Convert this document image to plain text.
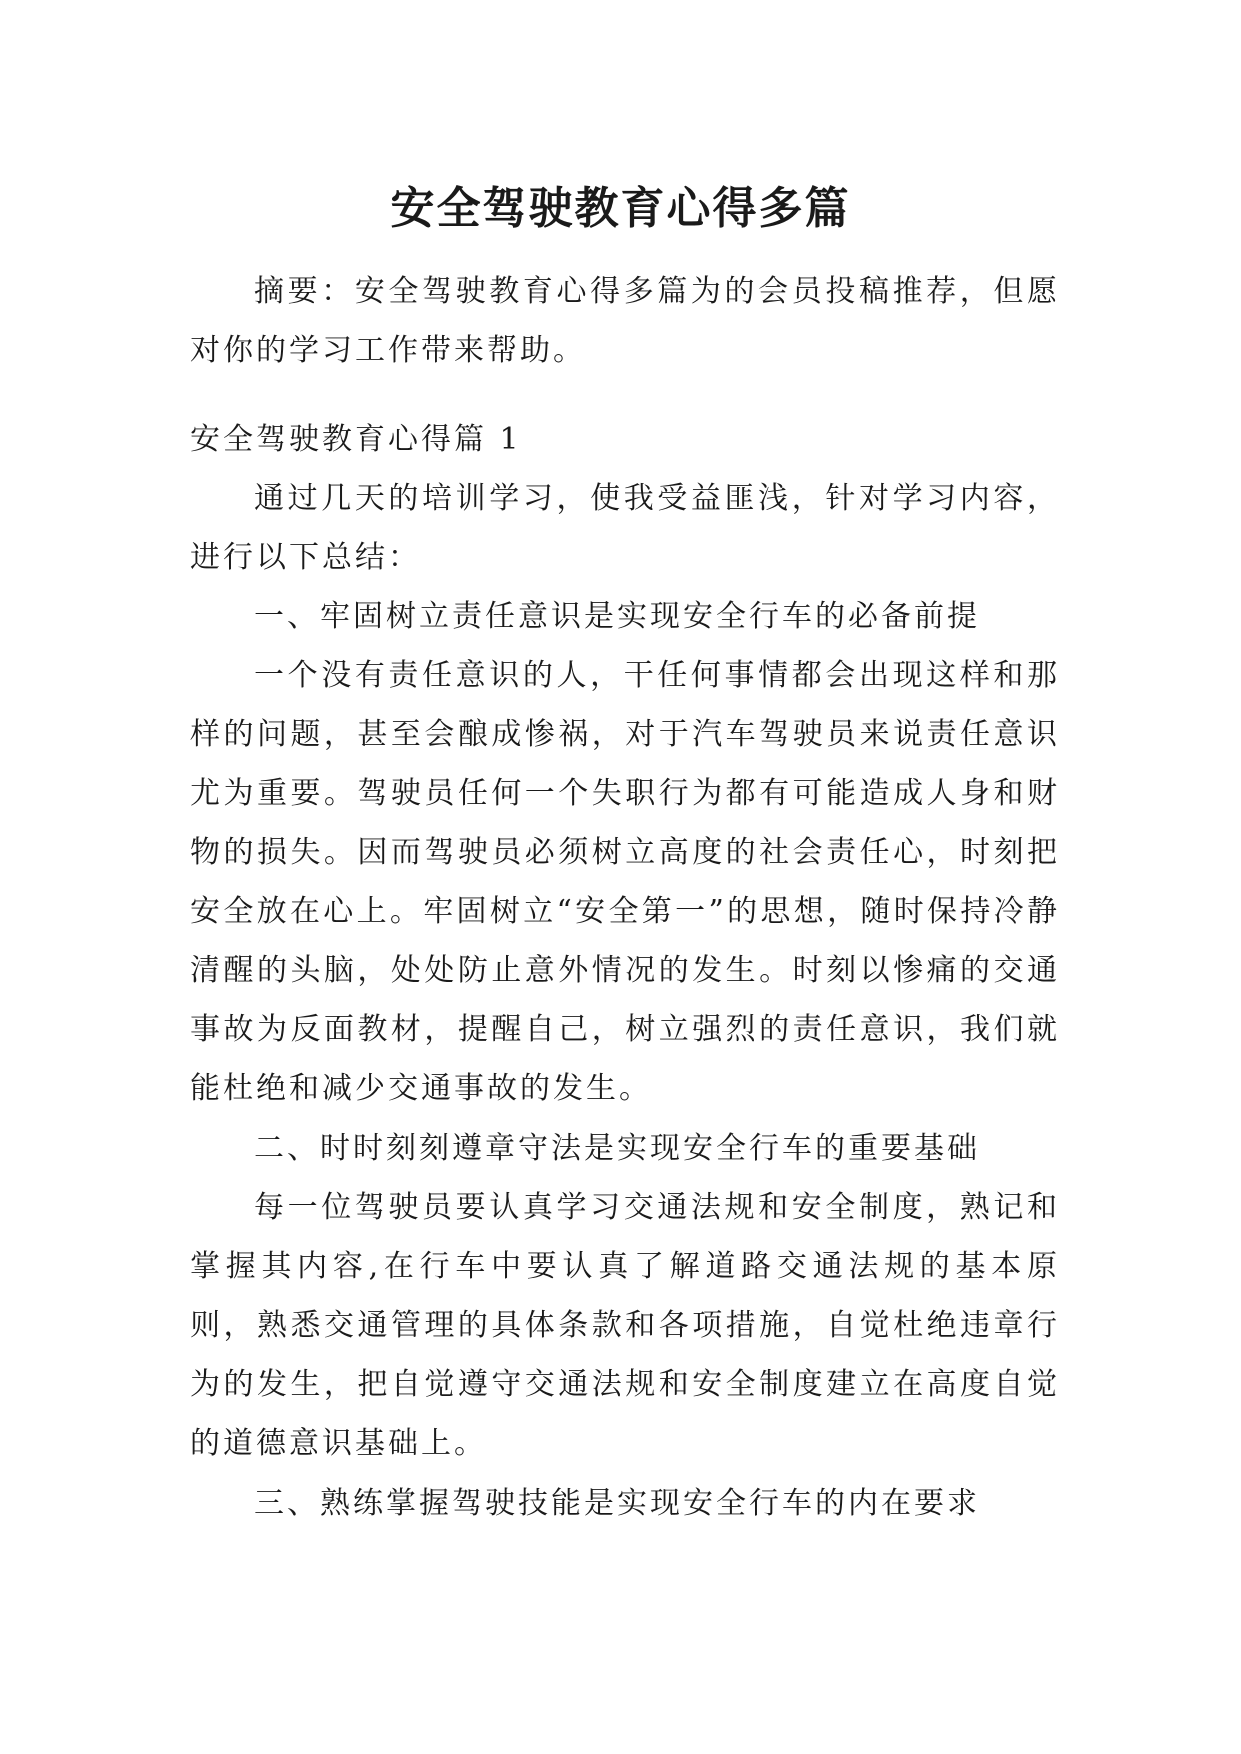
安全驾驶教育心得多篇

摘要：安全驾驶教育心得多篇为的会员投稿推荐，但愿对你的学习工作带来帮助。

安全驾驶教育心得篇 1

通过几天的培训学习，使我受益匪浅，针对学习内容，进行以下总结：

一、牢固树立责任意识是实现安全行车的必备前提

一个没有责任意识的人，干任何事情都会出现这样和那样的问题，甚至会酿成惨祸，对于汽车驾驶员来说责任意识尤为重要。驾驶员任何一个失职行为都有可能造成人身和财物的损失。因而驾驶员必须树立高度的社会责任心，时刻把安全放在心上。牢固树立“安全第一”的思想，随时保持冷静清醒的头脑，处处防止意外情况的发生。时刻以惨痛的交通事故为反面教材，提醒自己，树立强烈的责任意识，我们就能杜绝和减少交通事故的发生。

二、时时刻刻遵章守法是实现安全行车的重要基础

每一位驾驶员要认真学习交通法规和安全制度，熟记和掌握其内容,在行车中要认真了解道路交通法规的基本原则，熟悉交通管理的具体条款和各项措施，自觉杜绝违章行为的发生，把自觉遵守交通法规和安全制度建立在高度自觉的道德意识基础上。

三、熟练掌握驾驶技能是实现安全行车的内在要求
